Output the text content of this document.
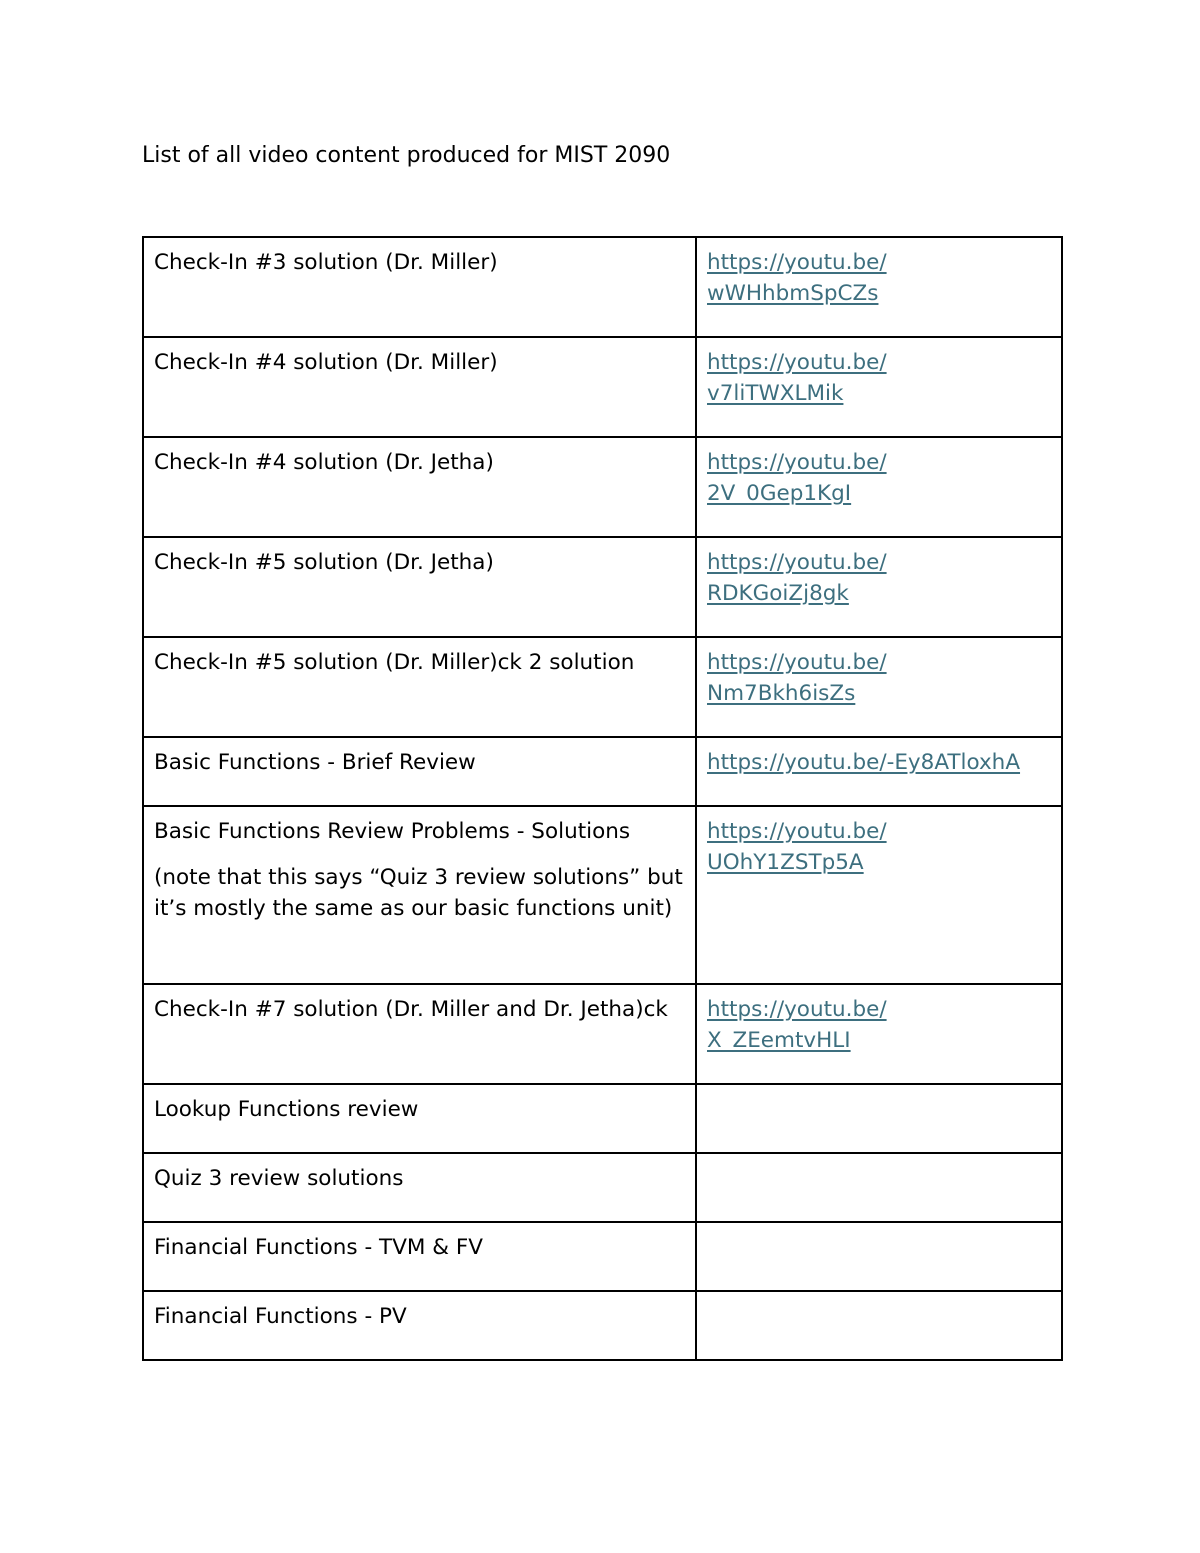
List of all video content produced for MIST 2090

Check-In #3 solution (Dr. Miller)	https://youtu.be/
wWHhbmSpCZs

Check-In #4 solution (Dr. Miller)	https://youtu.be/
v7liTWXLMik

Check-In #4 solution (Dr. Jetha)	https://youtu.be/
2V_0Gep1KgI

Check-In #5 solution (Dr. Jetha)	https://youtu.be/
RDKGoiZj8gk

Check-In #5 solution (Dr. Miller)ck 2 solution	https://youtu.be/
Nm7Bkh6isZs

Basic Functions - Brief Review	https://youtu.be/-Ey8ATloxhA

Basic Functions Review Problems - Solutions
(note that this says “Quiz 3 review solutions” but it’s mostly the same as our basic functions unit)	https://youtu.be/
UOhY1ZSTp5A

Check-In #7 solution (Dr. Miller and Dr. Jetha)ck	https://youtu.be/
X_ZEemtvHLI

Lookup Functions review	
Quiz 3 review solutions	
Financial Functions - TVM & FV	
Financial Functions - PV	
